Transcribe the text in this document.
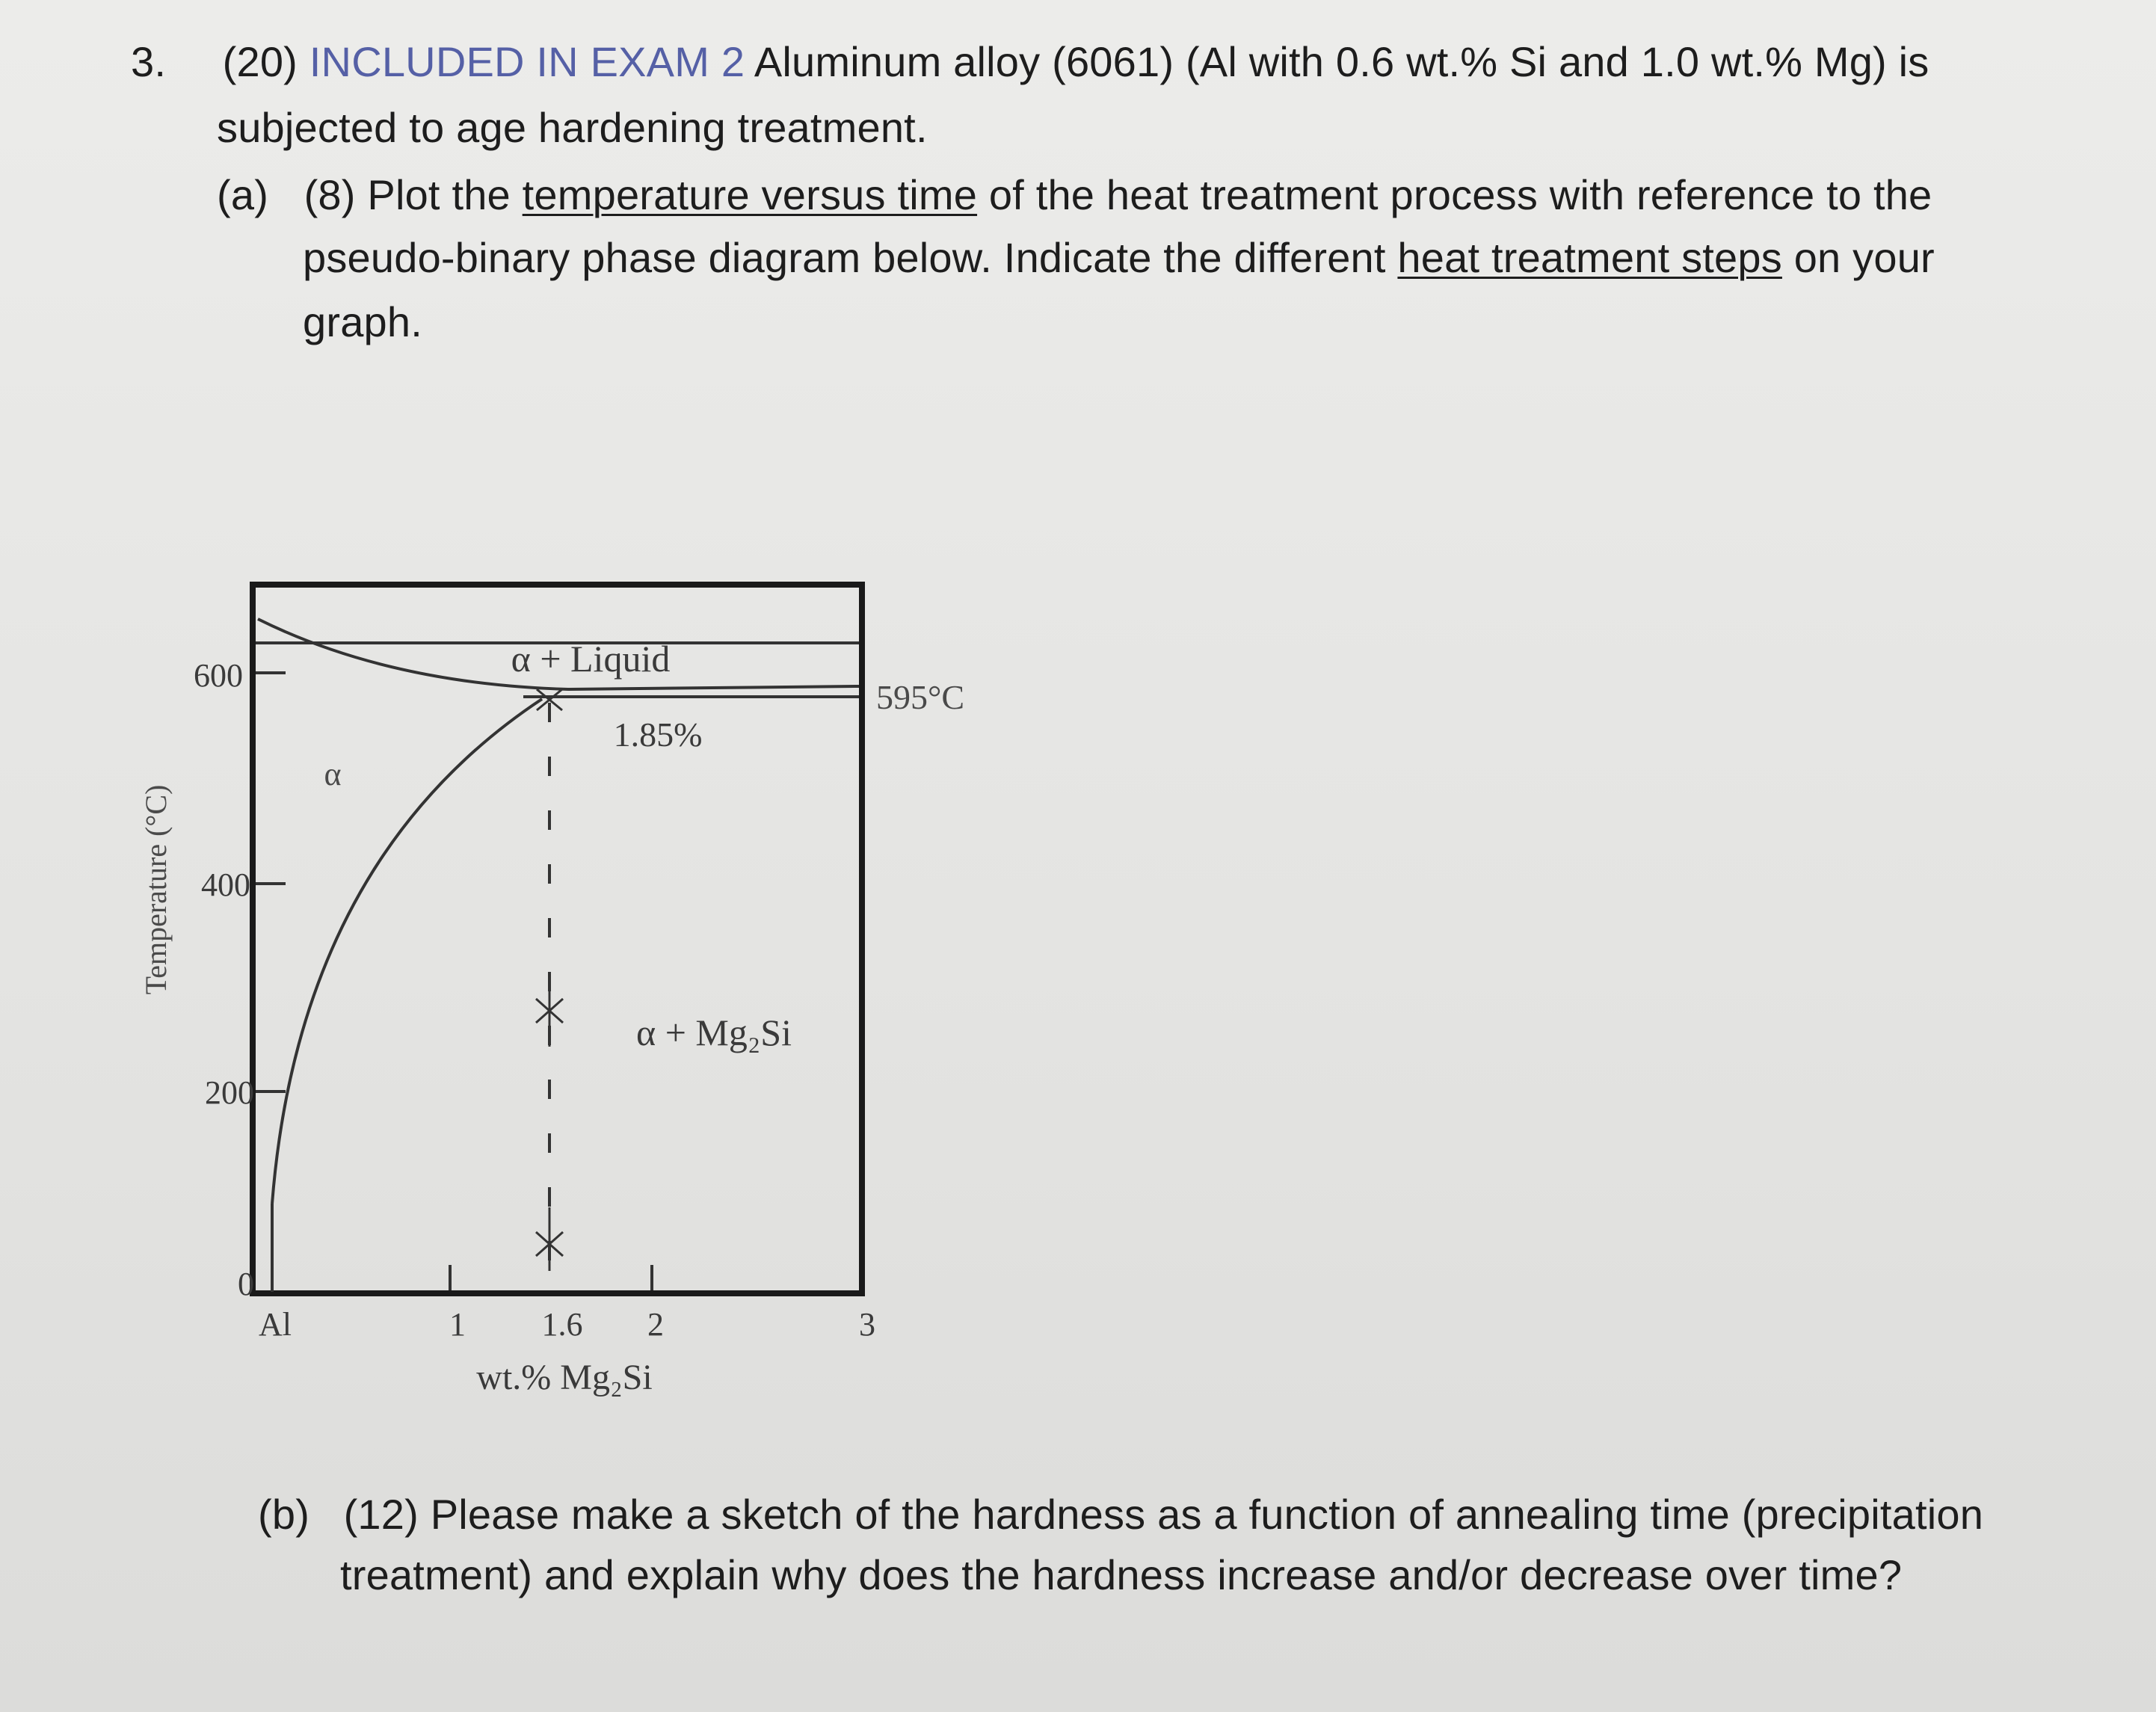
3. (20) INCLUDED IN EXAM 2 Aluminum alloy (6061) (Al with 0.6 wt.% Si and 1.0 wt.% Mg) is
subjected to age hardening treatment.
(a) (8) Plot the temperature versus time of the heat treatment process with reference to the
pseudo-binary phase diagram below. Indicate the different heat treatment steps on your
graph.
600
400
200
0
Temperature (°C)
Al	1 1.6 2	3
wt.% Mg₂Si
α + Liquid
α
α + Mg₂Si
1.85%
595°C
(b) (12) Please make a sketch of the hardness as a function of annealing time (precipitation
treatment) and explain why does the hardness increase and/or decrease over time?
